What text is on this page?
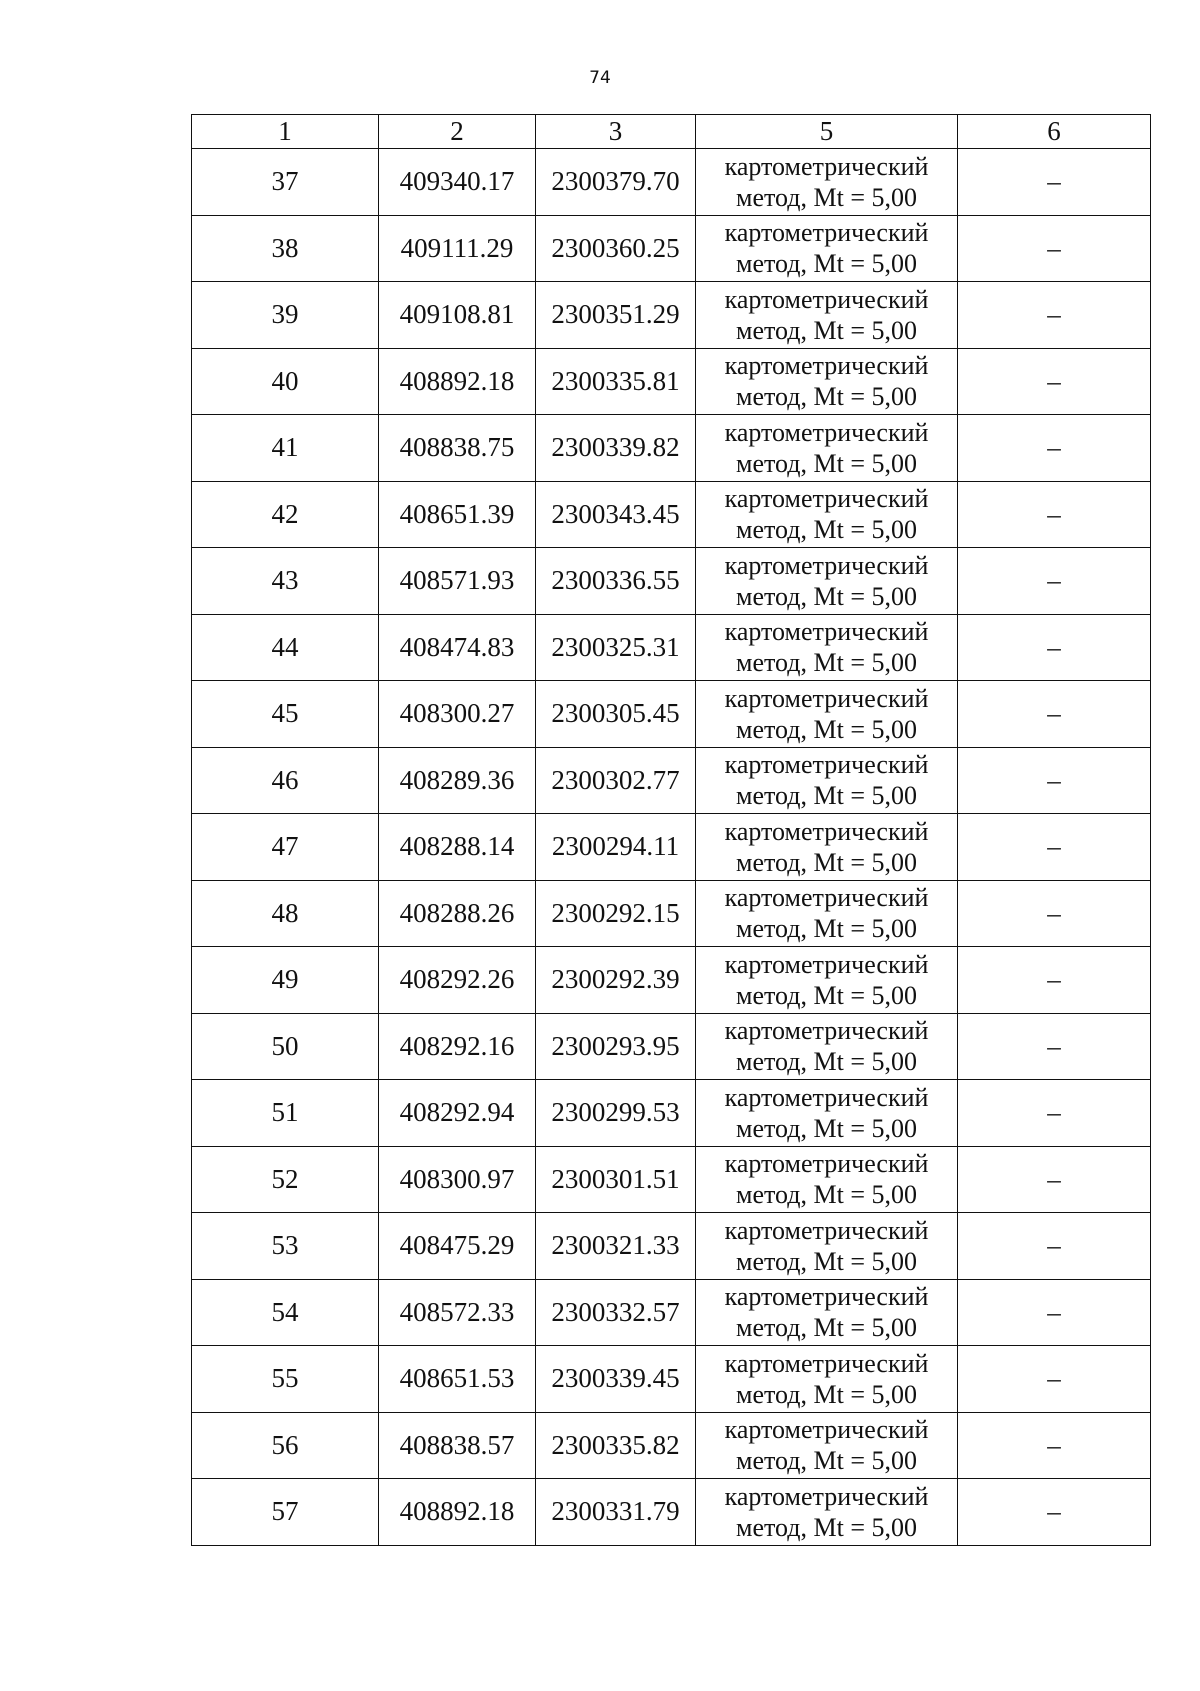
74
1	2	3	5	6
37	409340.17	2300379.70	картометрический метод, Mt = 5,00	–
38	409111.29	2300360.25	картометрический метод, Mt = 5,00	–
39	409108.81	2300351.29	картометрический метод, Mt = 5,00	–
40	408892.18	2300335.81	картометрический метод, Mt = 5,00	–
41	408838.75	2300339.82	картометрический метод, Mt = 5,00	–
42	408651.39	2300343.45	картометрический метод, Mt = 5,00	–
43	408571.93	2300336.55	картометрический метод, Mt = 5,00	–
44	408474.83	2300325.31	картометрический метод, Mt = 5,00	–
45	408300.27	2300305.45	картометрический метод, Mt = 5,00	–
46	408289.36	2300302.77	картометрический метод, Mt = 5,00	–
47	408288.14	2300294.11	картометрический метод, Mt = 5,00	–
48	408288.26	2300292.15	картометрический метод, Mt = 5,00	–
49	408292.26	2300292.39	картометрический метод, Mt = 5,00	–
50	408292.16	2300293.95	картометрический метод, Mt = 5,00	–
51	408292.94	2300299.53	картометрический метод, Mt = 5,00	–
52	408300.97	2300301.51	картометрический метод, Mt = 5,00	–
53	408475.29	2300321.33	картометрический метод, Mt = 5,00	–
54	408572.33	2300332.57	картометрический метод, Mt = 5,00	–
55	408651.53	2300339.45	картометрический метод, Mt = 5,00	–
56	408838.57	2300335.82	картометрический метод, Mt = 5,00	–
57	408892.18	2300331.79	картометрический метод, Mt = 5,00	–
